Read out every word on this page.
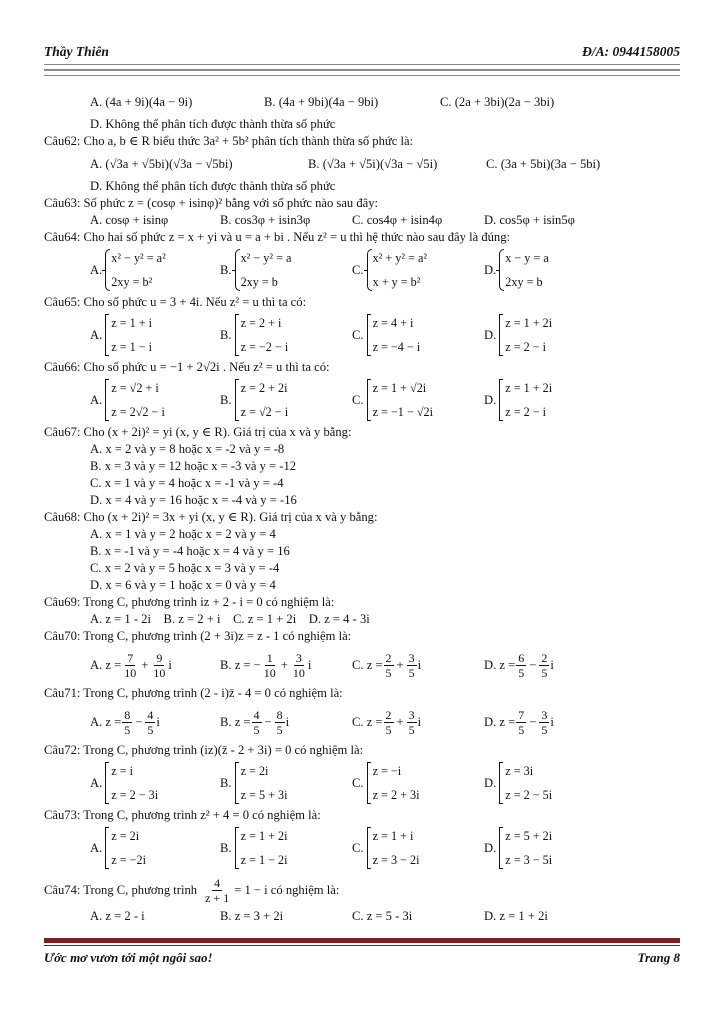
Thầy Thiên	Đ/A: 0944158005
A. (4a + 9i)(4a − 9i)	B. (4a + 9bi)(4a − 9bi)	C. (2a + 3bi)(2a − 3bi)
D. Không thể phân tích được thành thừa số phức
Câu62: Cho a, b ∈ R biểu thức 3a² + 5b² phân tích thành thừa số phức là:
A. (√3a + √5bi)(√3a − √5bi)	B. (√3a + √5i)(√3a − √5i)	C. (3a + 5bi)(3a − 5bi)
D. Không thể phân tích được thành thừa số phức
Câu63: Số phức z = (cosφ + isinφ)² bằng với số phức nào sau đây:
A. cosφ + isinφ	B. cos3φ + isin3φ	C. cos4φ + isin4φ	D. cos5φ + isin5φ
Câu64: Cho hai số phức z = x + yi và u = a + bi . Nếu z² = u thì hệ thức nào sau đây là đúng:
A.
x² − y² = a²
2xy = b²
B.
x² − y² = a
2xy = b
C.
x² + y² = a²
x + y = b²
D.
x − y = a
2xy = b
Câu65: Cho số phức u = 3 + 4i. Nếu z² = u thì ta có:
A.
z = 1 + i
z = 1 − i
B.
z = 2 + i
z = −2 − i
C.
z = 4 + i
z = −4 − i
D.
z = 1 + 2i
z = 2 − i
Câu66: Cho số phức u = −1 + 2√2i . Nếu z² = u thì ta có:
A.
z = √2 + i
z = 2√2 − i
B.
z = 2 + 2i
z = √2 − i
C.
z = 1 + √2i
z = −1 − √2i
D.
z = 1 + 2i
z = 2 − i
Câu67: Cho (x + 2i)² = yi (x, y ∈ R). Giá trị của x và y bằng:
A. x = 2 và y = 8 hoặc x = -2 và y = -8
B. x = 3 và y = 12 hoặc x = -3 và y = -12
C. x = 1 và y = 4 hoặc x = -1 và y = -4
D. x = 4 và y = 16 hoặc x = -4 và y = -16
Câu68: Cho (x + 2i)² = 3x + yi (x, y ∈ R). Giá trị của x và y bằng:
A. x = 1 và y = 2 hoặc x = 2 và y = 4
B. x = -1 và y = -4 hoặc x = 4 và y = 16
C. x = 2 và y = 5 hoặc x = 3 và y = -4
D. x = 6 và y = 1 hoặc x = 0 và y = 4
Câu69: Trong C, phương trình iz + 2 - i = 0 có nghiệm là:
A. z = 1 - 2i    B. z = 2 + i    C. z = 1 + 2i    D. z = 4 - 3i
Câu70: Trong C, phương trình (2 + 3i)z = z - 1 có nghiệm là:
A. $z = \frac{7}{10} + \frac{9}{10}$ i	B. z = − $\frac{1}{10} + \frac{3}{10}$ i	C. $z = \frac{2}{5} + \frac{3}{5}$ i	D. $z = \frac{6}{5} - \frac{2}{5}$ i
Câu71: Trong C, phương trình (2 - i)z̄ - 4 = 0 có nghiệm là:
A. $z = \frac{8}{5} - \frac{4}{5}$ i	B. $z = \frac{4}{5} - \frac{8}{5}$ i	C. $z = \frac{2}{5} + \frac{3}{5}$ i	D. $z = \frac{7}{5} - \frac{3}{5}$ i
Câu72: Trong C, phương trình (iz)(z̄ - 2 + 3i) = 0 có nghiệm là:
A.
z = i
z = 2 − 3i
B.
z = 2i
z = 5 + 3i
C.
z = −i
z = 2 + 3i
D.
z = 3i
z = 2 − 5i
Câu73: Trong C, phương trình z² + 4 = 0 có nghiệm là:
A.
z = 2i
z = −2i
B.
z = 1 + 2i
z = 1 − 2i
C.
z = 1 + i
z = 3 − 2i
D.
z = 5 + 2i
z = 3 − 5i
Câu74: Trong C, phương trình $\frac{4}{z + 1} = 1 - i$ có nghiệm là:
A. z = 2 - i	B. z = 3 + 2i	C. z = 5 - 3i	D. z = 1 + 2i
Ước mơ vươn tới một ngôi sao!	Trang 8
